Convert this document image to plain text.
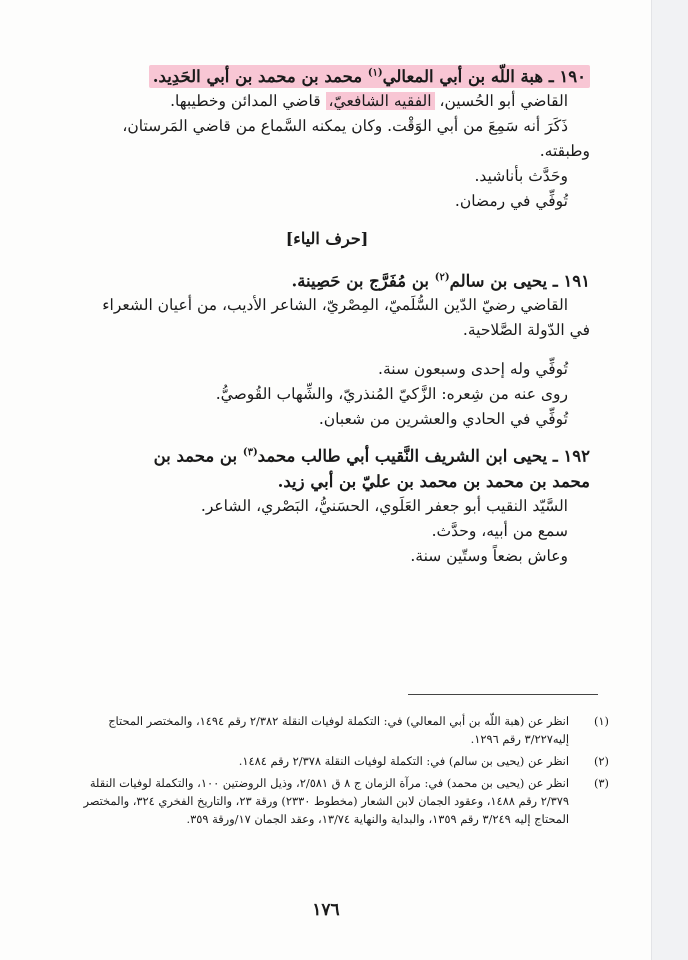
١٩٠ ـ هبة اللّه بن أبي المعالي$^{(١)}$ محمد بن محمد بن أبي الحَدِيد.
القاضي أبو الحُسين، الفقيه الشافعيّ، قاضي المدائن وخطيبها.
ذَكَرَ أنه سَمِعَ من أبي الوَقْت. وكان يمكنه السَّماع من قاضي المَرستان،
وطبقته.
وحَدَّث بأناشيد.
تُوفِّي في رمضان.
[حرف الياء]
١٩١ ـ يحيى بن سالم$^{(٢)}$ بن مُفَرَّج بن حَصِينة.
القاضي رضيّ الدّين السُّلَميّ، المِصْريّ، الشاعر الأديب، من أعيان الشعراء
في الدّولة الصَّلاحية.
تُوفِّي وله إحدى وسبعون سنة.
روى عنه من شِعره: الزَّكيّ المُنذريّ، والشِّهاب القُوصيُّ.
تُوفِّي في الحادي والعشرين من شعبان.
١٩٢ ـ يحيى ابن الشريف النَّقيب أبي طالب محمد$^{(٣)}$ بن محمد بن
محمد بن محمد بن محمد بن عليّ بن أبي زيد.
السَّيّد النقيب أبو جعفر العَلَوي، الحسَنيُّ، البَصْري، الشاعر.
سمع من أبيه، وحدَّث.
وعاش بضعاً وستّين سنة.
(١)
انظر عن (هبة اللّه بن أبي المعالي) في: التكملة لوفيات النقلة ٢/٣٨٢ رقم ١٤٩٤، والمختصر المحتاج إليه٣/٢٢٧ رقم ١٢٩٦.
(٢)
انظر عن (يحيى بن سالم) في: التكملة لوفيات النقلة ٢/٣٧٨ رقم ١٤٨٤.
(٣)
انظر عن (يحيى بن محمد) في: مرآة الزمان ج ٨ ق ٢/٥٨١، وذيل الروضتين ١٠٠، والتكملة لوفيات النقلة ٢/٣٧٩ رقم ١٤٨٨، وعقود الجمان لابن الشعار (مخطوط ٢٣٣٠) ورقة ٢٣، والتاريخ الفخري ٣٢٤، والمختصر المحتاج إليه ٣/٢٤٩ رقم ١٣٥٩، والبداية والنهاية ١٣/٧٤، وعقد الجمان ١٧/ورقة ٣٥٩.
١٧٦
